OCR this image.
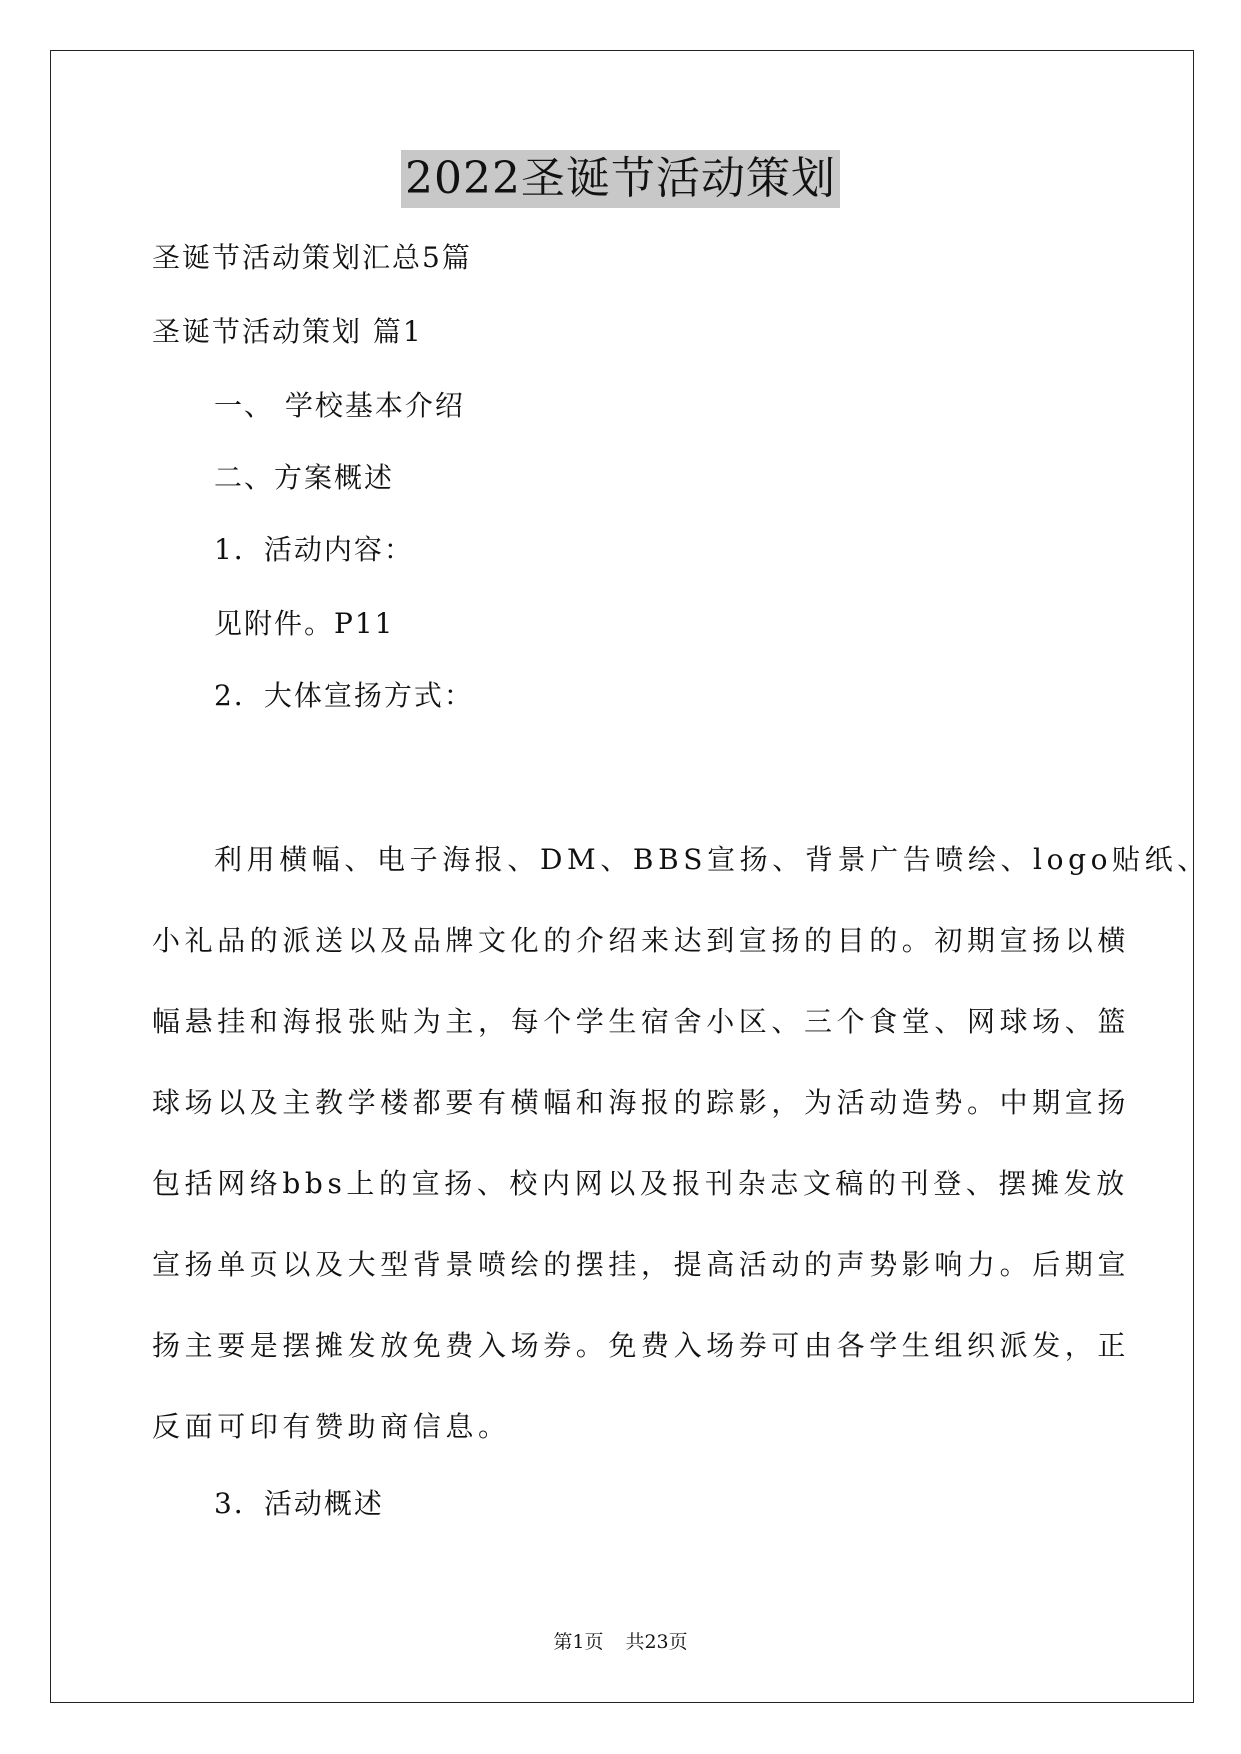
2022圣诞节活动策划
圣诞节活动策划汇总5篇
圣诞节活动策划 篇1
一、 学校基本介绍
二、方案概述
1．活动内容：
见附件。P11
2．大体宣扬方式：
利用横幅、电子海报、DM、BBS宣扬、背景广告喷绘、logo贴纸、
小礼品的派送以及品牌文化的介绍来达到宣扬的目的。初期宣扬以横
幅悬挂和海报张贴为主，每个学生宿舍小区、三个食堂、网球场、篮
球场以及主教学楼都要有横幅和海报的踪影，为活动造势。中期宣扬
包括网络bbs上的宣扬、校内网以及报刊杂志文稿的刊登、摆摊发放
宣扬单页以及大型背景喷绘的摆挂，提高活动的声势影响力。后期宣
扬主要是摆摊发放免费入场券。免费入场券可由各学生组织派发，正
反面可印有赞助商信息。
3．活动概述
第1页 共23页
